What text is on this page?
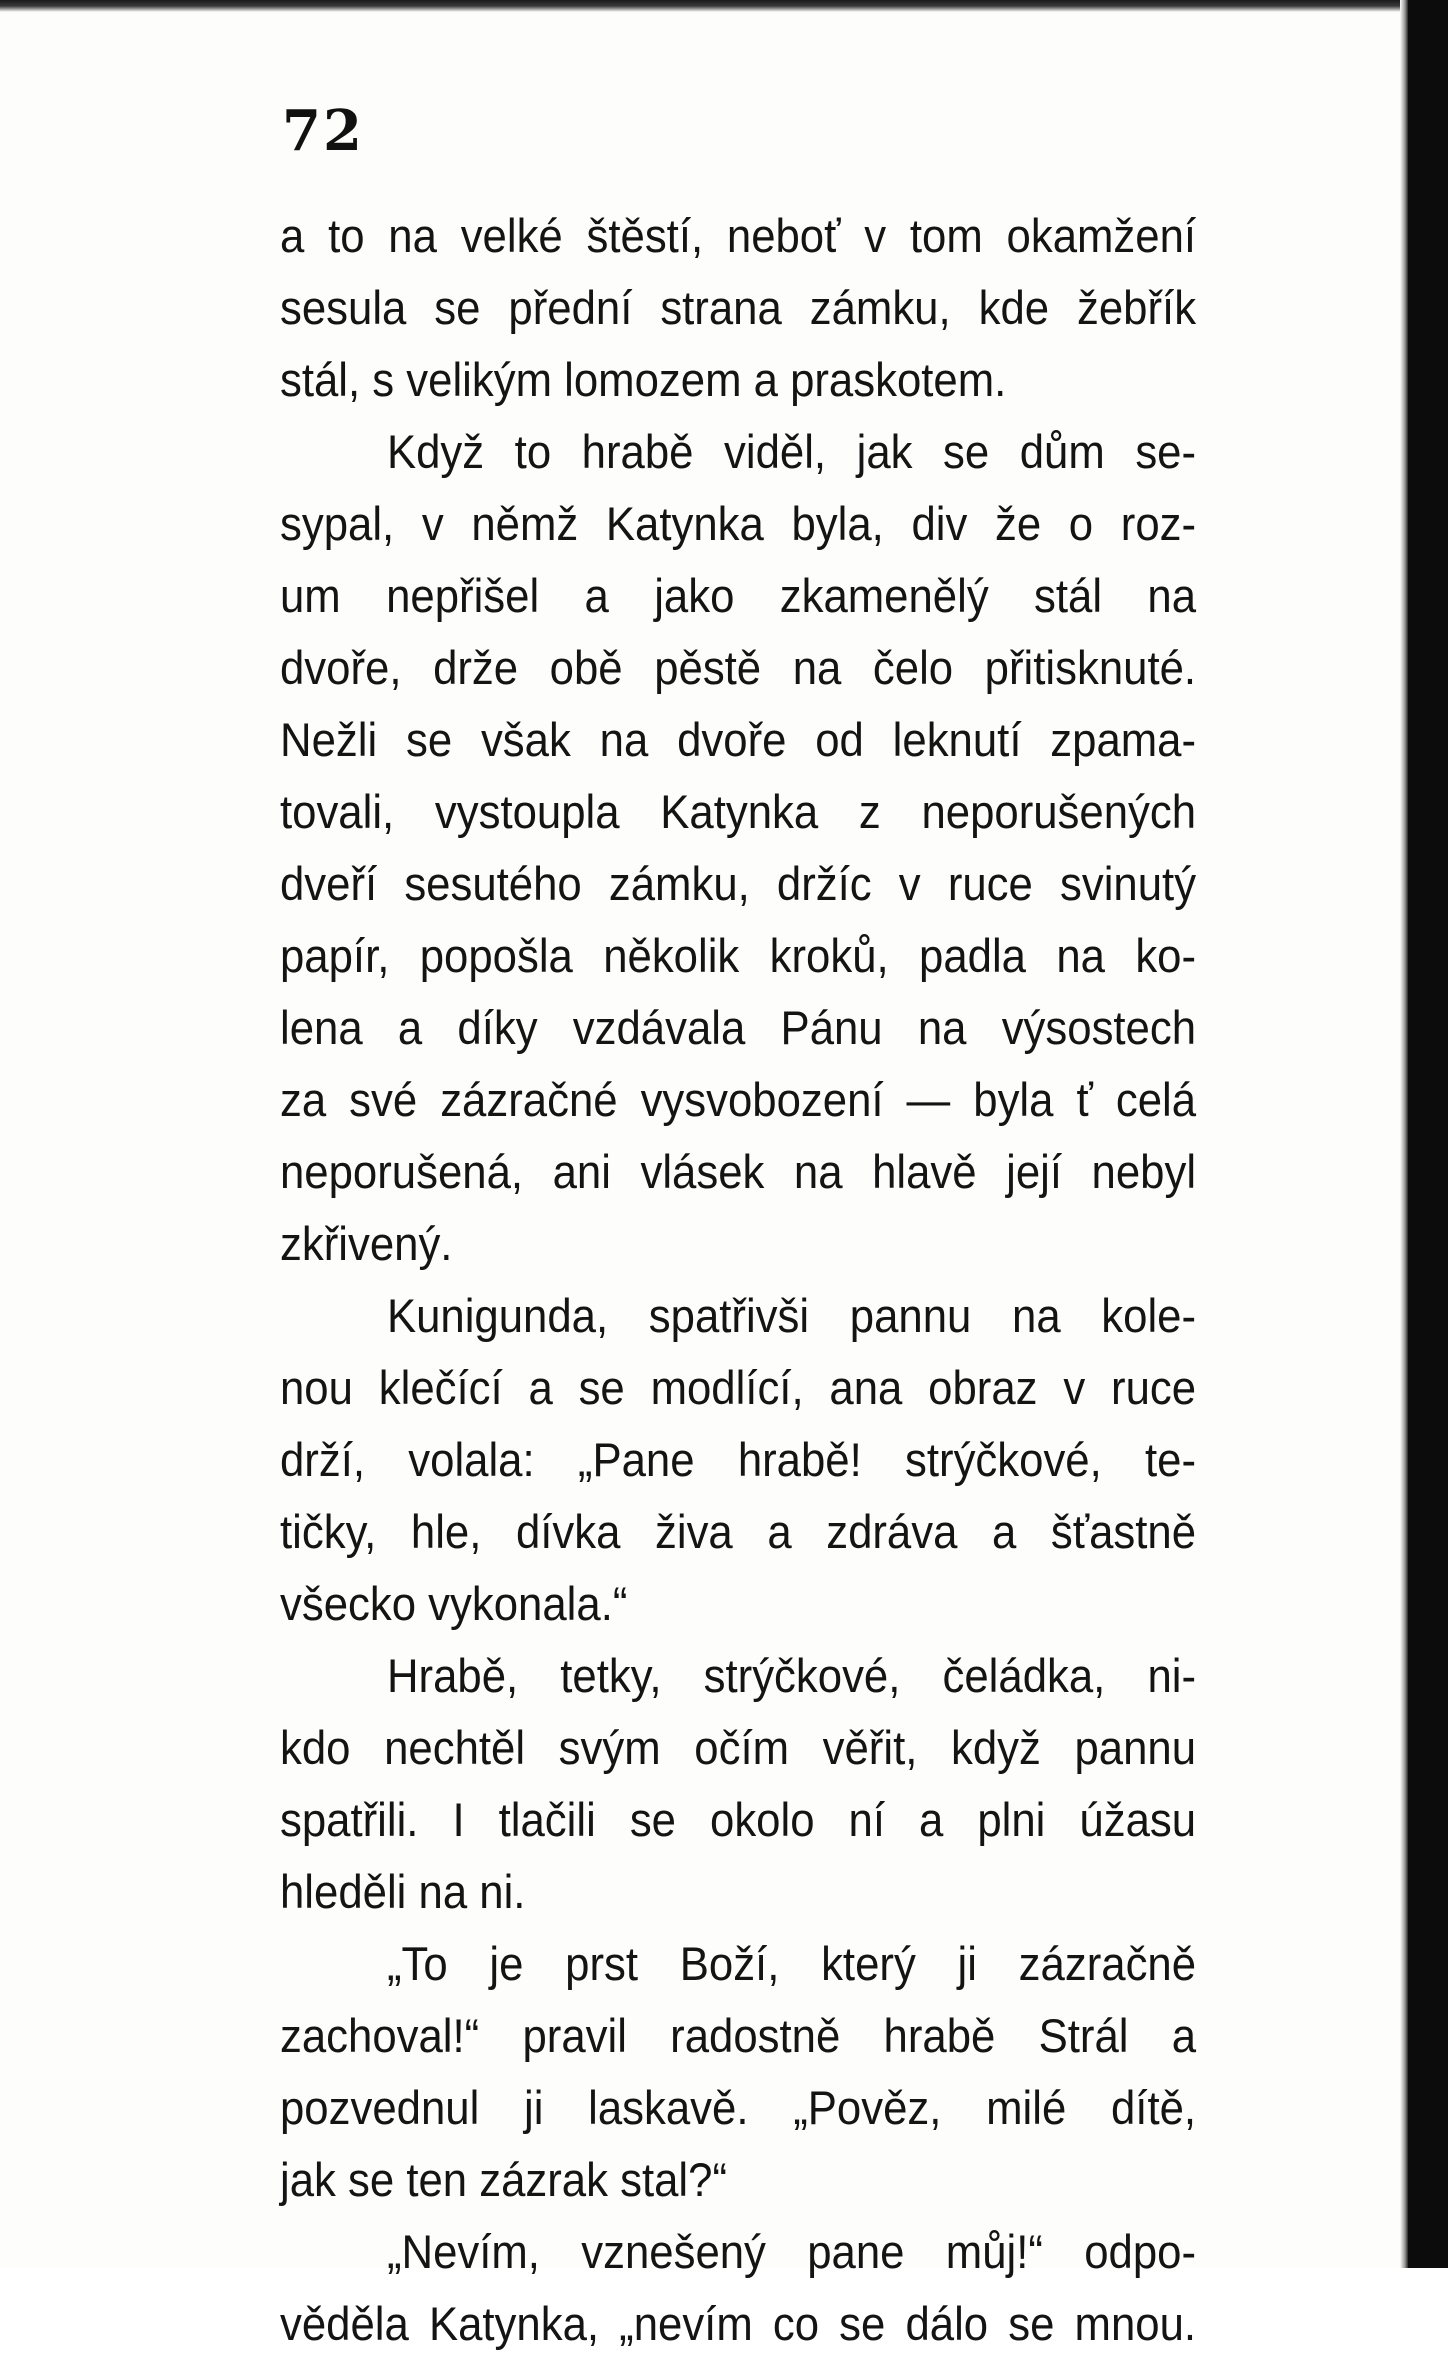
72
a to na velké štěstí, neboť v tom okamžení
sesula se přední strana zámku, kde žebřík
stál, s velikým lomozem a praskotem.
Když to hrabě viděl, jak se dům se-
sypal, v němž Katynka byla, div že o roz-
um nepřišel a jako zkamenělý stál na
dvoře, drže obě pěstě na čelo přitisknuté.
Nežli se však na dvoře od leknutí zpama-
tovali, vystoupla Katynka z neporušených
dveří sesutého zámku, držíc v ruce svinutý
papír, popošla několik kroků, padla na ko-
lena a díky vzdávala Pánu na výsostech
za své zázračné vysvobození — byla ť celá
neporušená, ani vlásek na hlavě její nebyl
zkřivený.
Kunigunda, spatřivši pannu na kole-
nou klečící a se modlící, ana obraz v ruce
drží, volala: „Pane hrabě! strýčkové, te-
tičky, hle, dívka živa a zdráva a šťastně
všecko vykonala.“
Hrabě, tetky, strýčkové, čeládka, ni-
kdo nechtěl svým očím věřit, když pannu
spatřili. I tlačili se okolo ní a plni úžasu
hleděli na ni.
„To je prst Boží, který ji zázračně
zachoval!“ pravil radostně hrabě Strál a
pozvednul ji laskavě. „Pověz, milé dítě,
jak se ten zázrak stal?“
„Nevím, vznešený pane můj!“ odpo-
věděla Katynka, „nevím co se dálo se mnou.
